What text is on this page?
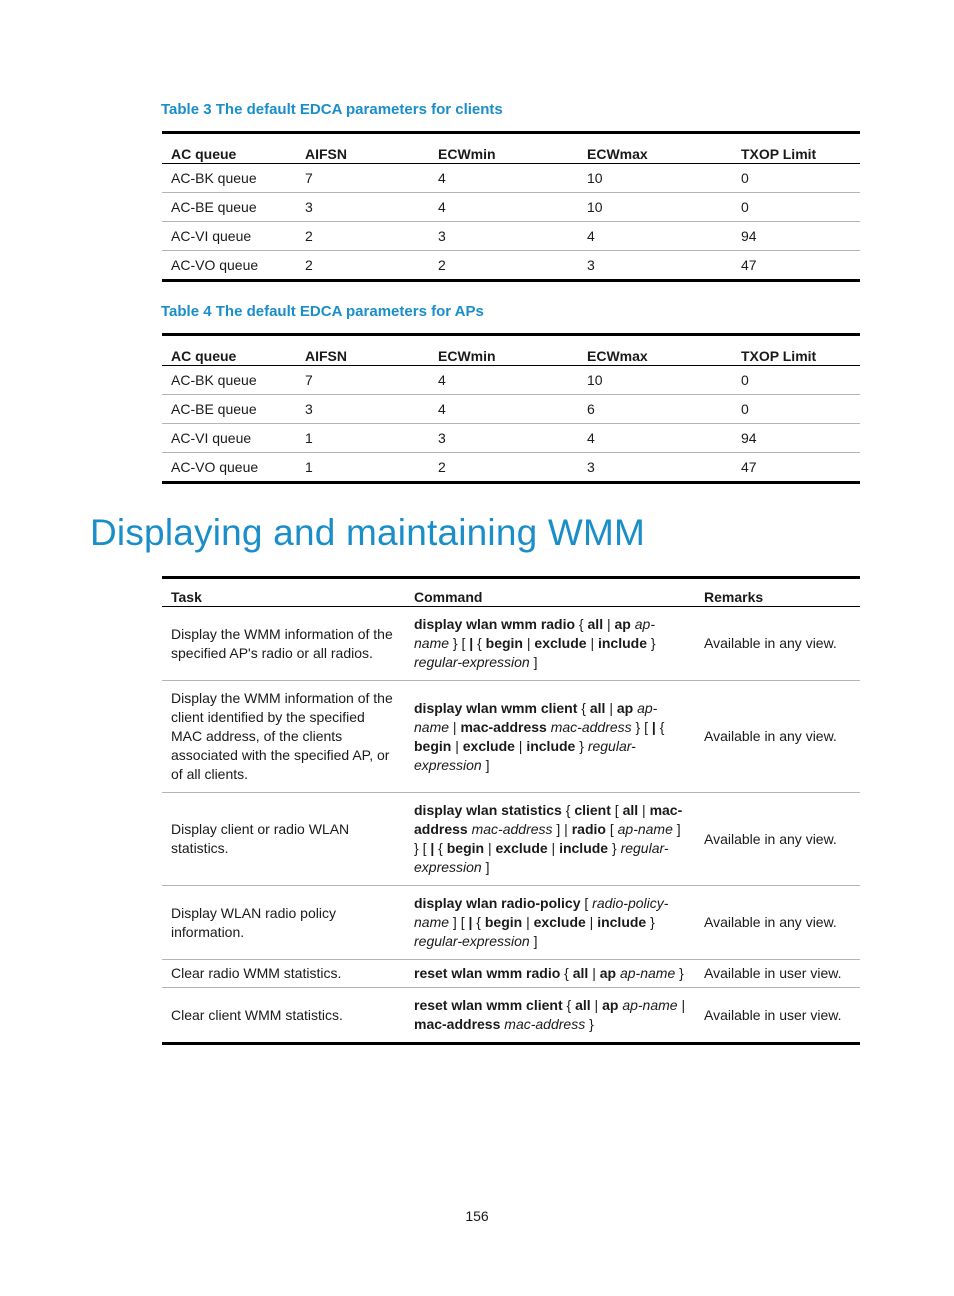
Table 3 The default EDCA parameters for clients
AC queue	AIFSN	ECWmin	ECWmax	TXOP Limit
AC-BK queue	7	4	10	0
AC-BE queue	3	4	10	0
AC-VI queue	2	3	4	94
AC-VO queue	2	2	3	47
Table 4 The default EDCA parameters for APs
AC queue	AIFSN	ECWmin	ECWmax	TXOP Limit
AC-BK queue	7	4	10	0
AC-BE queue	3	4	6	0
AC-VI queue	1	3	4	94
AC-VO queue	1	2	3	47
Displaying and maintaining WMM
Task	Command	Remarks
Display the WMM information of the specified AP's radio or all radios.	display wlan wmm radio { all | ap ap-name } [ | { begin | exclude | include } regular-expression ]	Available in any view.
Display the WMM information of the client identified by the specified MAC address, of the clients associated with the specified AP, or of all clients.	display wlan wmm client { all | ap ap-name | mac-address mac-address } [ | { begin | exclude | include } regular-expression ]	Available in any view.
Display client or radio WLAN statistics.	display wlan statistics { client [ all | mac-address mac-address ] | radio [ ap-name ] } [ | { begin | exclude | include } regular-expression ]	Available in any view.
Display WLAN radio policy information.	display wlan radio-policy [ radio-policy-name ] [ | { begin | exclude | include } regular-expression ]	Available in any view.
Clear radio WMM statistics.	reset wlan wmm radio { all | ap ap-name }	Available in user view.
Clear client WMM statistics.	reset wlan wmm client { all | ap ap-name | mac-address mac-address }	Available in user view.
156
